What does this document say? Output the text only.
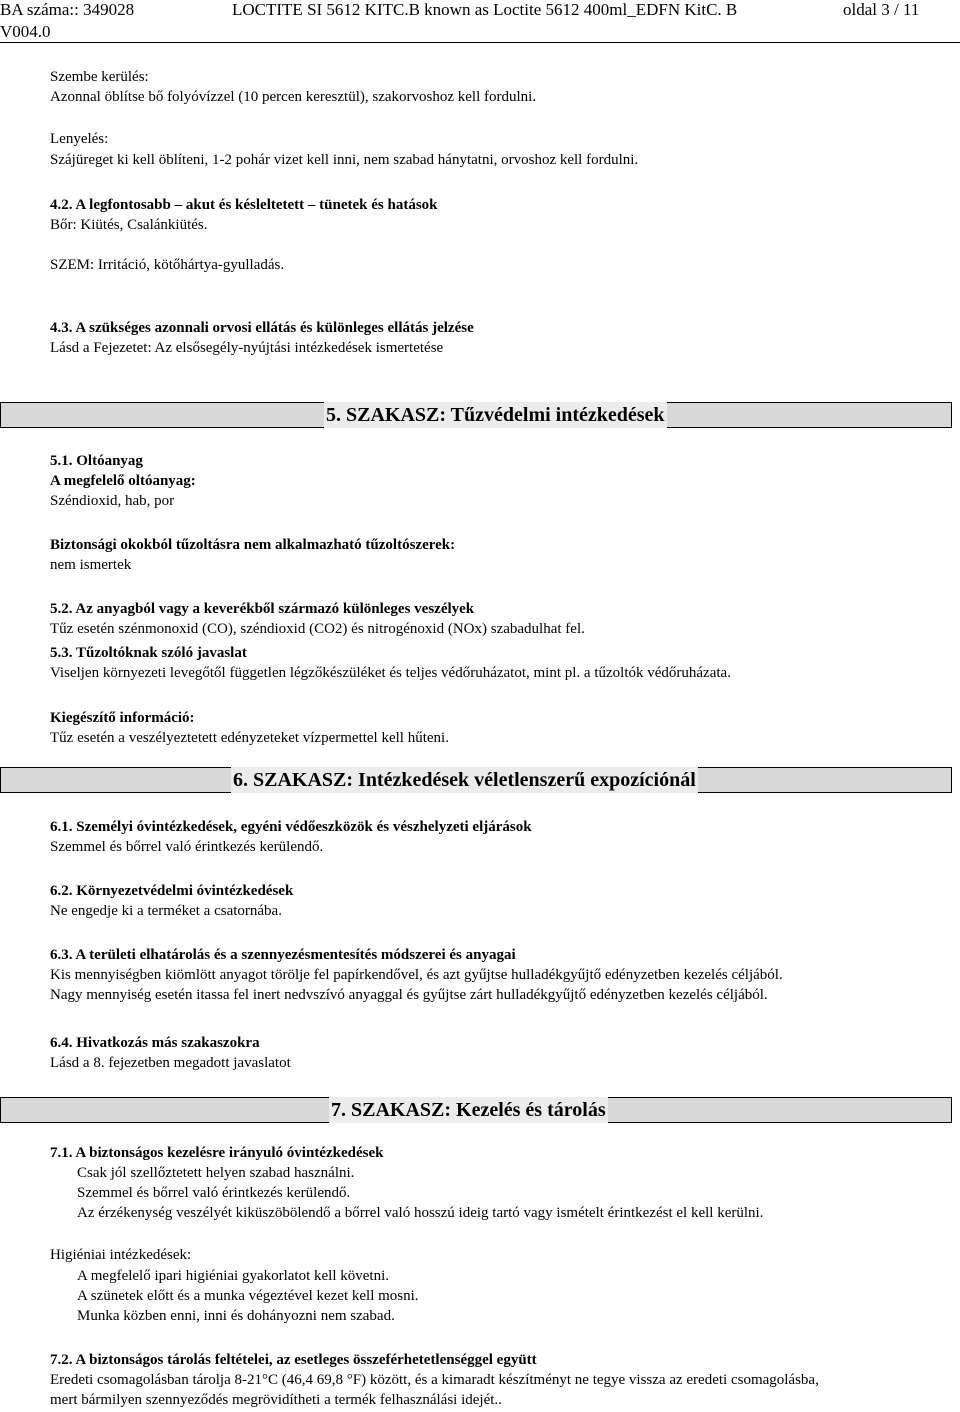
BA száma:: 349028
V004.0
LOCTITE SI 5612 KITC.B known as Loctite 5612 400ml_EDFN KitC. B	oldal 3 / 11
Szembe kerülés:
Azonnal öblítse bő folyóvízzel (10 percen keresztül), szakorvoshoz kell fordulni.
Lenyelés:
Szájüreget ki kell öblíteni, 1-2 pohár vizet kell inni, nem szabad hánytatni, orvoshoz kell fordulni.
4.2. A legfontosabb – akut és késleltetett – tünetek és hatások
Bőr: Kiütés, Csalánkiütés.
SZEM: Irritáció, kötőhártya-gyulladás.
4.3. A szükséges azonnali orvosi ellátás és különleges ellátás jelzése
Lásd a Fejezetet: Az elsősegély-nyújtási intézkedések ismertetése
5. SZAKASZ: Tűzvédelmi intézkedések
5.1. Oltóanyag
A megfelelő oltóanyag:
Széndioxid, hab, por
Biztonsági okokból tűzoltásra nem alkalmazható tűzoltószerek:
nem ismertek
5.2. Az anyagból vagy a keverékből származó különleges veszélyek
Tűz esetén szénmonoxid (CO), széndioxid (CO2) és nitrogénoxid (NOx) szabadulhat fel.
5.3. Tűzoltóknak szóló javaslat
Viseljen környezeti levegőtől független légzőkészüléket és teljes védőruházatot, mint pl. a tűzoltók védőruházata.
Kiegészítő információ:
Tűz esetén a veszélyeztetett edényzeteket vízpermettel kell hűteni.
6. SZAKASZ: Intézkedések véletlenszerű expozíciónál
6.1. Személyi óvintézkedések, egyéni védőeszközök és vészhelyzeti eljárások
Szemmel és bőrrel való érintkezés kerülendő.
6.2. Környezetvédelmi óvintézkedések
Ne engedje ki a terméket a csatornába.
6.3. A területi elhatárolás és a szennyezésmentesítés módszerei és anyagai
Kis mennyiségben kiömlött anyagot törölje fel papírkendővel, és azt gyűjtse hulladékgyűjtő edényzetben kezelés céljából.
Nagy mennyiség esetén itassa fel inert nedvszívó anyaggal és gyűjtse zárt hulladékgyűjtő edényzetben kezelés céljából.
6.4. Hivatkozás más szakaszokra
Lásd a 8. fejezetben megadott javaslatot
7. SZAKASZ: Kezelés és tárolás
7.1. A biztonságos kezelésre irányuló óvintézkedések
Csak jól szellőztetett helyen szabad használni.
Szemmel és bőrrel való érintkezés kerülendő.
Az érzékenység veszélyét kiküszöbölendő a bőrrel való hosszú ideig tartó vagy ismételt érintkezést el kell kerülni.
Higiéniai intézkedések:
A megfelelő ipari higiéniai gyakorlatot kell követni.
A szünetek előtt és a munka végeztével kezet kell mosni.
Munka közben enni, inni és dohányozni nem szabad.
7.2. A biztonságos tárolás feltételei, az esetleges összeférhetetlenséggel együtt
Eredeti csomagolásban tárolja 8-21°C (46,4 69,8 °F) között, és a kimaradt készítményt ne tegye vissza az eredeti csomagolásba,
mert bármilyen szennyeződés megrövidítheti a termék felhasználási idejét..
